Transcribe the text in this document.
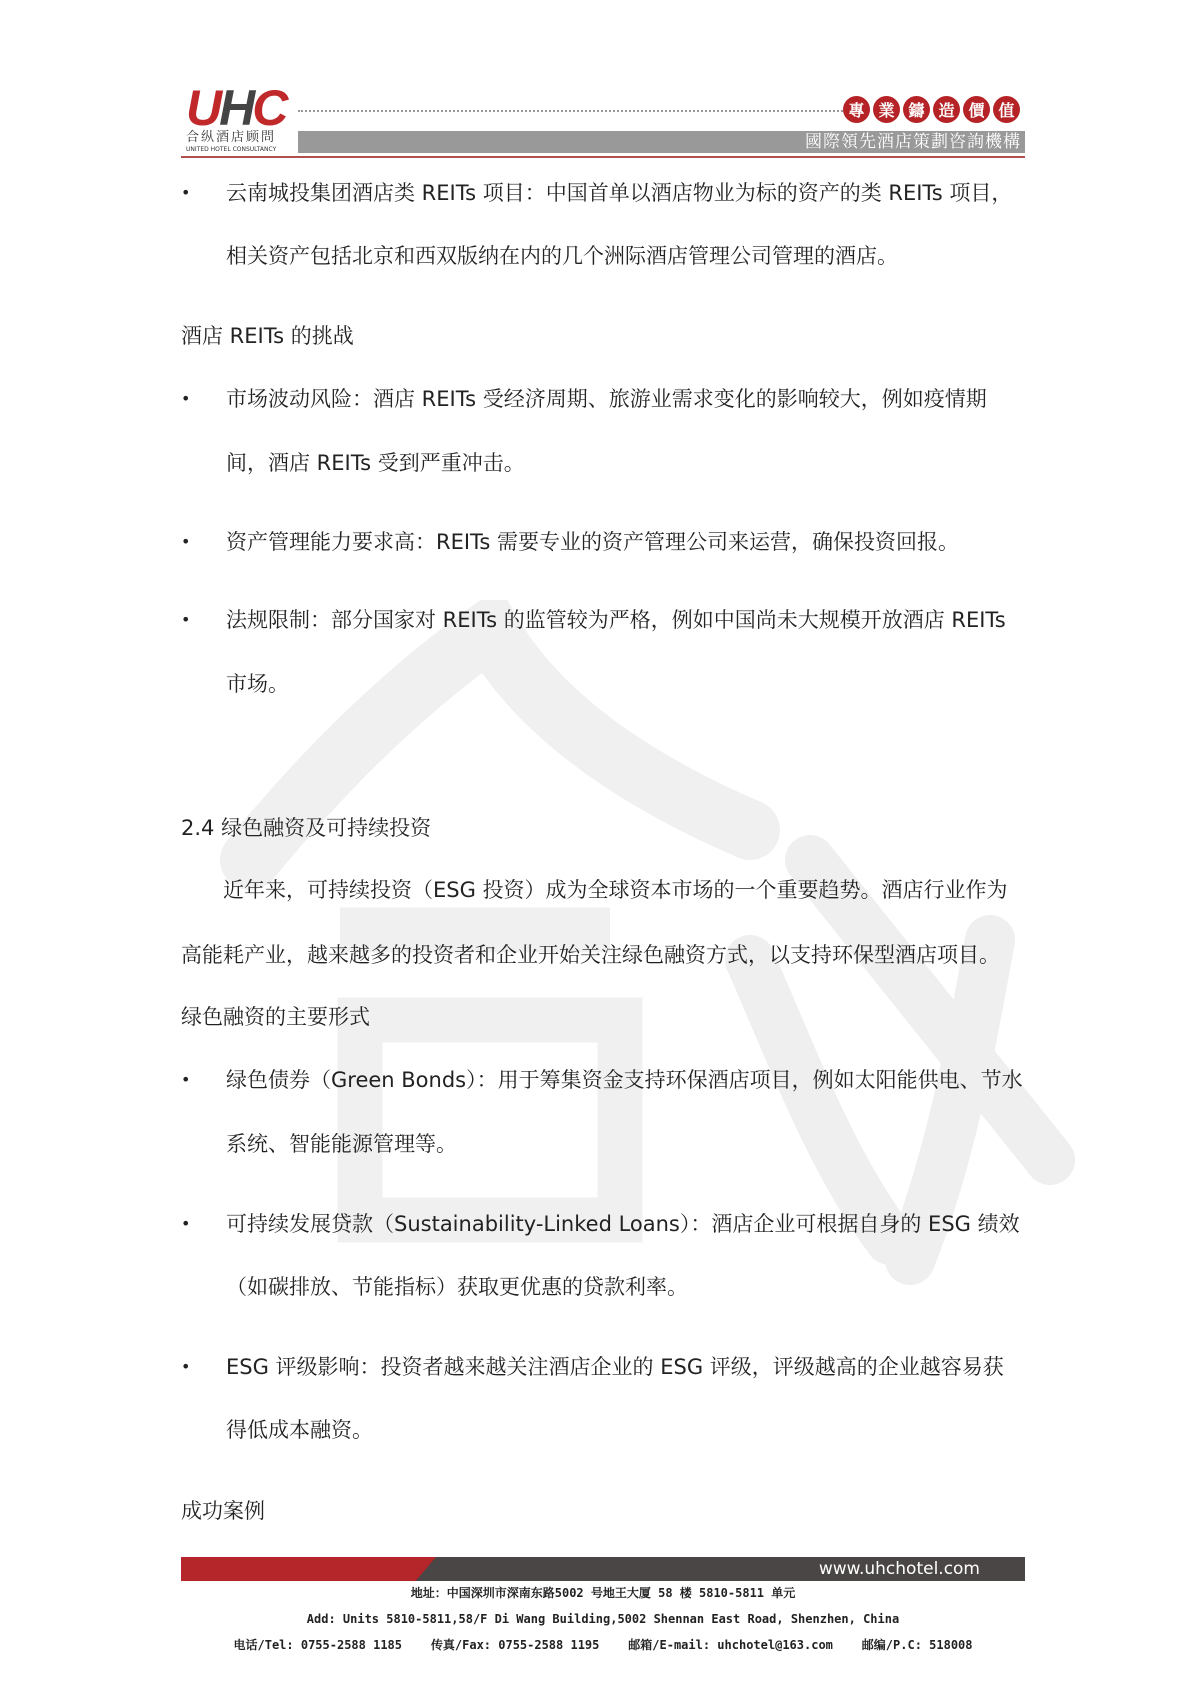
UHC
合纵酒店顾問
UNITED HOTEL CONSULTANCY
專 業 鑄 造 價 值
國際領先酒店策劃咨詢機構
• 云南城投集团酒店类 REITs 项目：中国首单以酒店物业为标的资产的类 REITs 项目，
相关资产包括北京和西双版纳在内的几个洲际酒店管理公司管理的酒店。
酒店 REITs 的挑战
• 市场波动风险：酒店 REITs 受经济周期、旅游业需求变化的影响较大，例如疫情期
间，酒店 REITs 受到严重冲击。
• 资产管理能力要求高：REITs 需要专业的资产管理公司来运营，确保投资回报。
• 法规限制：部分国家对 REITs 的监管较为严格，例如中国尚未大规模开放酒店 REITs
市场。
2.4 绿色融资及可持续投资
近年来，可持续投资（ESG 投资）成为全球资本市场的一个重要趋势。酒店行业作为
高能耗产业，越来越多的投资者和企业开始关注绿色融资方式，以支持环保型酒店项目。
绿色融资的主要形式
• 绿色债券（Green Bonds）：用于筹集资金支持环保酒店项目，例如太阳能供电、节水
系统、智能能源管理等。
• 可持续发展贷款（Sustainability-Linked Loans）：酒店企业可根据自身的 ESG 绩效
（如碳排放、节能指标）获取更优惠的贷款利率。
• ESG 评级影响：投资者越来越关注酒店企业的 ESG 评级，评级越高的企业越容易获
得低成本融资。
成功案例
www.uhchotel.com
地址：中国深圳市深南东路5002 号地王大厦 58 楼 5810-5811 单元
Add: Units 5810-5811,58/F Di Wang Building,5002 Shennan East Road, Shenzhen, China
电话/Tel: 0755-2588 1185    传真/Fax: 0755-2588 1195    邮箱/E-mail: uhchotel@163.com    邮编/P.C: 518008
